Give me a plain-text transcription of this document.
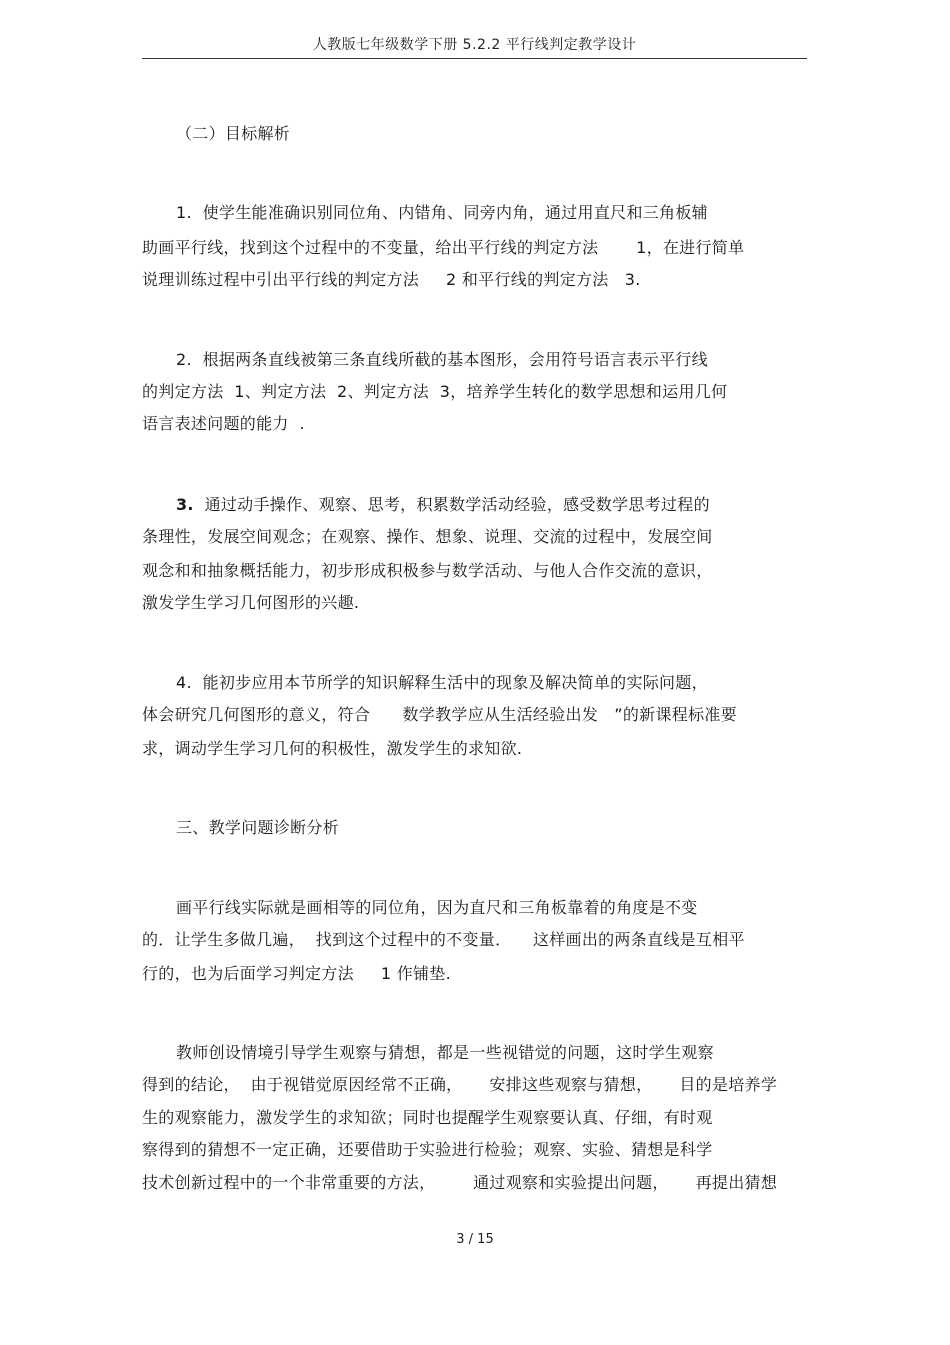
人教版七年级数学下册 5.2.2 平行线判定教学设计
（二）目标解析
1.  使学生能准确识别同位角、内错角、同旁内角，通过用直尺和三角板辅
助画平行线，找到这个过程中的不变量，给出平行线的判定方法       1，在进行简单
说理训练过程中引出平行线的判定方法     2 和平行线的判定方法   3.
2.  根据两条直线被第三条直线所截的基本图形，会用符号语言表示平行线
的判定方法  1、判定方法  2、判定方法  3，培养学生转化的数学思想和运用几何
语言表述问题的能力  .
3.  通过动手操作、观察、思考，积累数学活动经验，感受数学思考过程的
条理性，发展空间观念；在观察、操作、想象、说理、交流的过程中，发展空间
观念和和抽象概括能力，初步形成积极参与数学活动、与他人合作交流的意识，
激发学生学习几何图形的兴趣.
4.  能初步应用本节所学的知识解释生活中的现象及解决简单的实际问题，
体会研究几何图形的意义，符合      数学教学应从生活经验出发   ”的新课程标准要
求，调动学生学习几何的积极性，激发学生的求知欲.
三、教学问题诊断分析
画平行线实际就是画相等的同位角，因为直尺和三角板靠着的角度是不变
的．让学生多做几遍，  找到这个过程中的不变量．    这样画出的两条直线是互相平
行的，也为后面学习判定方法     1 作铺垫.
教师创设情境引导学生观察与猜想，都是一些视错觉的问题，这时学生观察
得到的结论，  由于视错觉原因经常不正确，     安排这些观察与猜想，     目的是培养学
生的观察能力，激发学生的求知欲；同时也提醒学生观察要认真、仔细，有时观
察得到的猜想不一定正确，还要借助于实验进行检验；观察、实验、猜想是科学
技术创新过程中的一个非常重要的方法，       通过观察和实验提出问题，     再提出猜想
3 / 15
